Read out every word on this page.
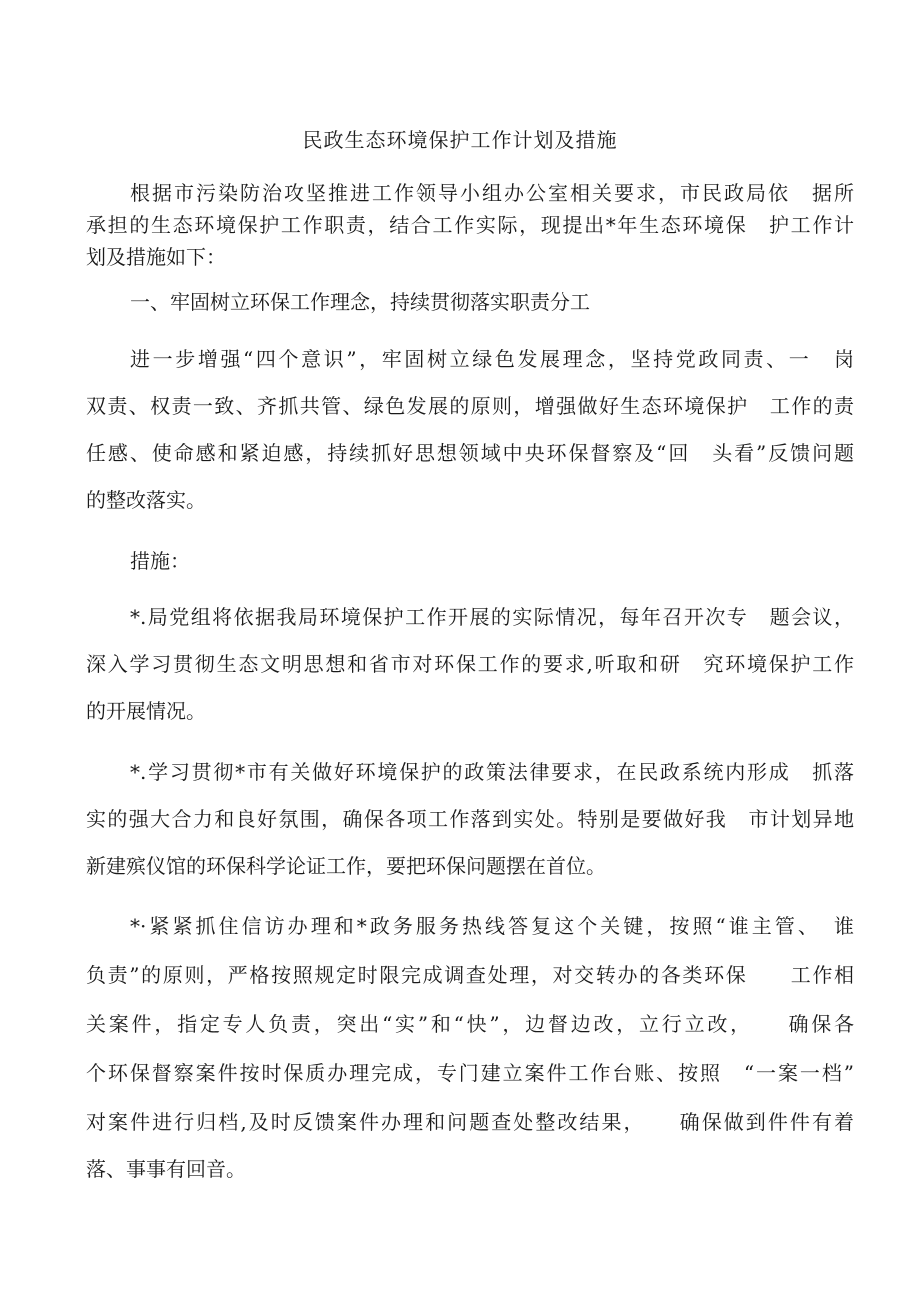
民政生态环境保护工作计划及措施
根据市污染防治攻坚推进工作领导小组办公室相关要求，市民政局依　据所
承担的生态环境保护工作职责，结合工作实际，现提出*年生态环境保　护工作计
划及措施如下：
一、牢固树立环保工作理念，持续贯彻落实职责分工
进一步增强“四个意识”，牢固树立绿色发展理念，坚持党政同责、一　岗
双责、权责一致、齐抓共管、绿色发展的原则，增强做好生态环境保护　工作的责
任感、使命感和紧迫感，持续抓好思想领域中央环保督察及“回　头看”反馈问题
的整改落实。
措施：
*.局党组将依据我局环境保护工作开展的实际情况，每年召开次专　题会议，
深入学习贯彻生态文明思想和省市对环保工作的要求,听取和研　究环境保护工作
的开展情况。
*.学习贯彻*市有关做好环境保护的政策法律要求，在民政系统内形成　抓落
实的强大合力和良好氛围，确保各项工作落到实处。特别是要做好我　市计划异地
新建殡仪馆的环保科学论证工作，要把环保问题摆在首位。
*·紧紧抓住信访办理和*政务服务热线答复这个关键，按照“谁主管、　谁
负责”的原则，严格按照规定时限完成调查处理，对交转办的各类环保　　工作相
关案件，指定专人负责，突出“实”和“快”，边督边改，立行立改，　　确保各
个环保督察案件按时保质办理完成，专门建立案件工作台账、按照　“一案一档”
对案件进行归档,及时反馈案件办理和问题查处整改结果，　　确保做到件件有着
落、事事有回音。
